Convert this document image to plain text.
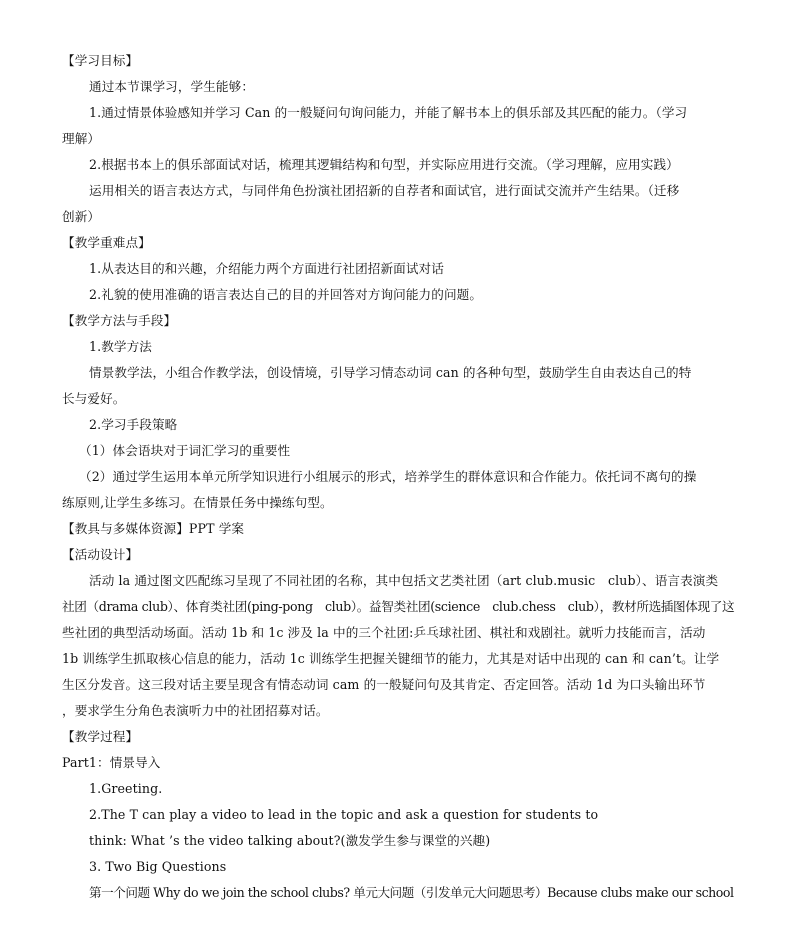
【学习目标】
通过本节课学习，学生能够：
1.通过情景体验感知并学习 Can 的一般疑问句询问能力，并能了解书本上的俱乐部及其匹配的能力。（学习
理解）
2.根据书本上的俱乐部面试对话，梳理其逻辑结构和句型，并实际应用进行交流。（学习理解，应用实践）
运用相关的语言表达方式，与同伴角色扮演社团招新的自荐者和面试官，进行面试交流并产生结果。（迁移
创新）
【教学重难点】
1.从表达目的和兴趣，介绍能力两个方面进行社团招新面试对话
2.礼貌的使用准确的语言表达自己的目的并回答对方询问能力的问题。
【教学方法与手段】
1.教学方法
情景教学法，小组合作教学法，创设情境，引导学习情态动词 can 的各种句型，鼓励学生自由表达自己的特
长与爱好。
2.学习手段策略
（1）体会语块对于词汇学习的重要性
（2）通过学生运用本单元所学知识进行小组展示的形式，培养学生的群体意识和合作能力。依托词不离句的操
练原则,让学生多练习。在情景任务中操练句型。
【教具与多媒体资源】PPT 学案
【活动设计】
活动 la 通过图文匹配练习呈现了不同社团的名称，其中包括文艺类社团（art club.music　club）、语言表演类
社团（drama club）、体育类社团(ping-pong　club）。益智类社团(science　club.chess　club），教材所选插图体现了这
些社团的典型活动场面。活动 1b 和 1c 涉及 la 中的三个社团:乒乓球社团、棋社和戏剧社。就听力技能而言，活动
1b 训练学生抓取核心信息的能力，活动 1c 训练学生把握关键细节的能力，尤其是对话中出现的 can 和 can’t。让学
生区分发音。这三段对话主要呈现含有情态动词 cam 的一般疑问句及其肯定、否定回答。活动 1d 为口头输出环节
，要求学生分角色表演听力中的社团招募对话。
【教学过程】
Part1：情景导入
1.Greeting.
2.The T can play a video to lead in the topic and ask a question for students to
think: What ’s the video talking about?(激发学生参与课堂的兴趣)
3. Two Big Questions
第一个问题 Why do we join the school clubs? 单元大问题（引发单元大问题思考）Because clubs make our school
